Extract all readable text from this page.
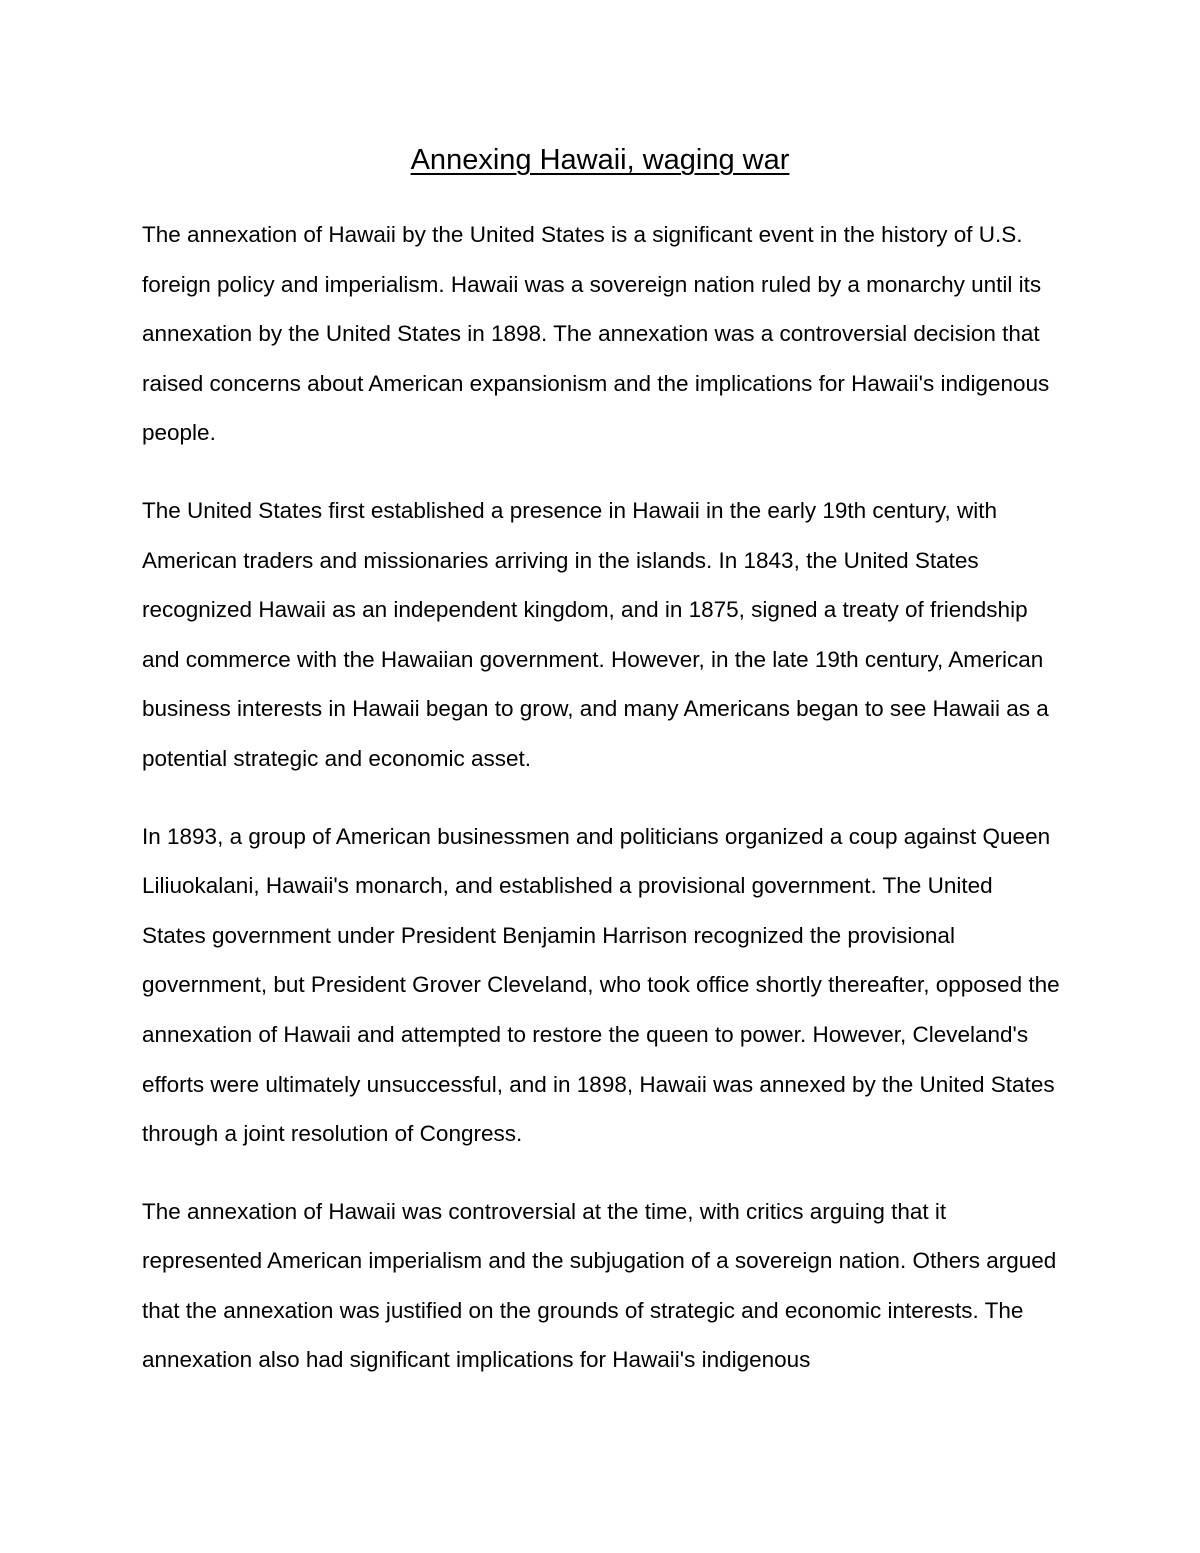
Annexing Hawaii, waging war

The annexation of Hawaii by the United States is a significant event in the history of U.S. foreign policy and imperialism. Hawaii was a sovereign nation ruled by a monarchy until its annexation by the United States in 1898. The annexation was a controversial decision that raised concerns about American expansionism and the implications for Hawaii's indigenous people.

The United States first established a presence in Hawaii in the early 19th century, with American traders and missionaries arriving in the islands. In 1843, the United States recognized Hawaii as an independent kingdom, and in 1875, signed a treaty of friendship and commerce with the Hawaiian government. However, in the late 19th century, American business interests in Hawaii began to grow, and many Americans began to see Hawaii as a potential strategic and economic asset.

In 1893, a group of American businessmen and politicians organized a coup against Queen Liliuokalani, Hawaii's monarch, and established a provisional government. The United States government under President Benjamin Harrison recognized the provisional government, but President Grover Cleveland, who took office shortly thereafter, opposed the annexation of Hawaii and attempted to restore the queen to power. However, Cleveland's efforts were ultimately unsuccessful, and in 1898, Hawaii was annexed by the United States through a joint resolution of Congress.

The annexation of Hawaii was controversial at the time, with critics arguing that it represented American imperialism and the subjugation of a sovereign nation. Others argued that the annexation was justified on the grounds of strategic and economic interests. The annexation also had significant implications for Hawaii's indigenous
